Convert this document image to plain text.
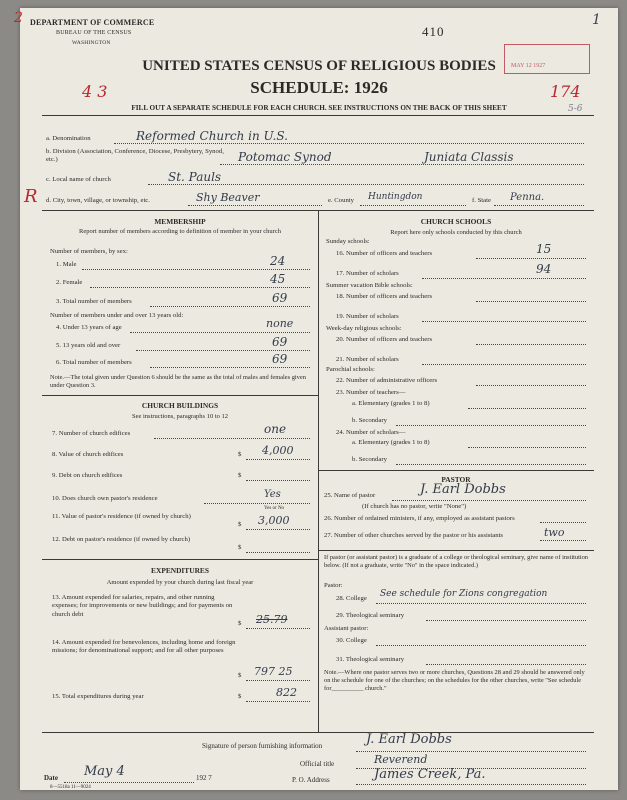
DEPARTMENT OF COMMERCE
BUREAU OF THE CENSUS
WASHINGTON
2
410
1
MAY 12 1927
UNITED STATES CENSUS OF RELIGIOUS BODIES
SCHEDULE: 1926
4 3	174
5-6
FILL OUT A SEPARATE SCHEDULE FOR EACH CHURCH. SEE INSTRUCTIONS ON THE BACK OF THIS SHEET
a. Denomination	Reformed Church in U.S.
b. Division (Association, Conference, Diocese, Presbytery, Synod, etc.)	Potomac Synod	Juniata Classis
c. Local name of church	St. Pauls
R d. City, town, village, or township, etc.	Shy Beaver	e. County Huntingdon	f. State Penna.
MEMBERSHIP
Report number of members according to definition of member in your church
Number of members, by sex:
1. Male	24
2. Female	45
3. Total number of members	69
Number of members under and over 13 years old:
4. Under 13 years of age	none
5. 13 years old and over	69
6. Total number of members	69
Note.—The total given under Question 6 should be the same as the total of males and females given under Question 3.
CHURCH BUILDINGS
See instructions, paragraphs 10 to 12
7. Number of church edifices	one
8. Value of church edifices	$ 4,000
9. Debt on church edifices	$
10. Does church own pastor's residence	Yes
Yes or No
11. Value of pastor's residence (if owned by church)
$ 3,000
12. Debt on pastor's residence (if owned by church)
$
EXPENDITURES
Amount expended by your church during last fiscal year
13. Amount expended for salaries, repairs, and other running expenses; for improvements or new buildings; and for payments on church debt
$ 25.79
14. Amount expended for benevolences, including home and foreign missions; for denominational support; and for all other purposes
$ 797 25
15. Total expenditures during year	$	822
CHURCH SCHOOLS
Report here only schools conducted by this church
Sunday schools:
16. Number of officers and teachers	15
17. Number of scholars	94
Summer vacation Bible schools:
18. Number of officers and teachers
19. Number of scholars
Week-day religious schools:
20. Number of officers and teachers
21. Number of scholars
Parochial schools:
22. Number of administrative officers
23. Number of teachers—
a. Elementary (grades 1 to 8)
b. Secondary
24. Number of scholars—
a. Elementary (grades 1 to 8)
b. Secondary
PASTOR
25. Name of pastor	J. Earl Dobbs
(If church has no pastor, write "None")
26. Number of ordained ministers, if any, employed as assistant pastors
27. Number of other churches served by the pastor or his assistants	two
If pastor (or assistant pastor) is a graduate of a college or theological seminary, give name of institution below. (If not a graduate, write "No" in the space indicated.)
Pastor:
28. College See schedule for Zions congregation
29. Theological seminary
Assistant pastor:
30. College
31. Theological seminary
Note.—Where one pastor serves two or more churches, Questions 28 and 29 should be answered only on the schedule for one of the churches; on the schedules for the other churches, write "See schedule for__________ church."
Signature of person furnishing information	J. Earl Dobbs
Official title	Reverend
Date May 4	192 7	P. O. Address	James Creek, Pa.
8—5518a 11—9024
